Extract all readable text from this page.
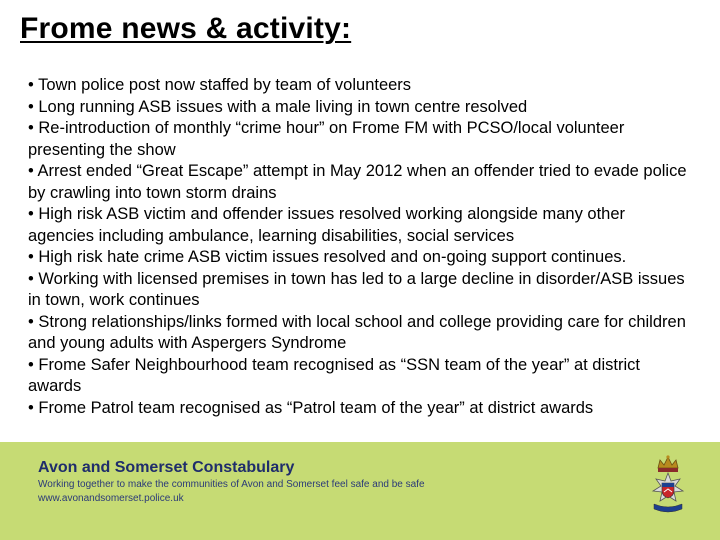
Frome news & activity:
• Town police post now staffed by team of volunteers
• Long running ASB issues with a male living in town centre resolved
• Re-introduction of monthly “crime hour” on Frome FM with PCSO/local volunteer presenting the show
• Arrest ended “Great Escape” attempt in May 2012 when an offender tried to evade police by crawling into town storm drains
• High risk ASB victim and offender issues resolved working alongside many other agencies including ambulance, learning disabilities, social services
• High risk hate crime ASB victim issues resolved and on-going support continues.
• Working with licensed premises in town has led to a large decline in disorder/ASB issues in town, work continues
• Strong relationships/links formed with local school and college providing care for children and young adults with Aspergers Syndrome
• Frome Safer Neighbourhood team recognised as “SSN team of the year” at district awards
• Frome Patrol team recognised as “Patrol team of the year” at district awards
Avon and Somerset Constabulary
Working together to make the communities of Avon and Somerset feel safe and be safe
www.avonandsomerset.police.uk
